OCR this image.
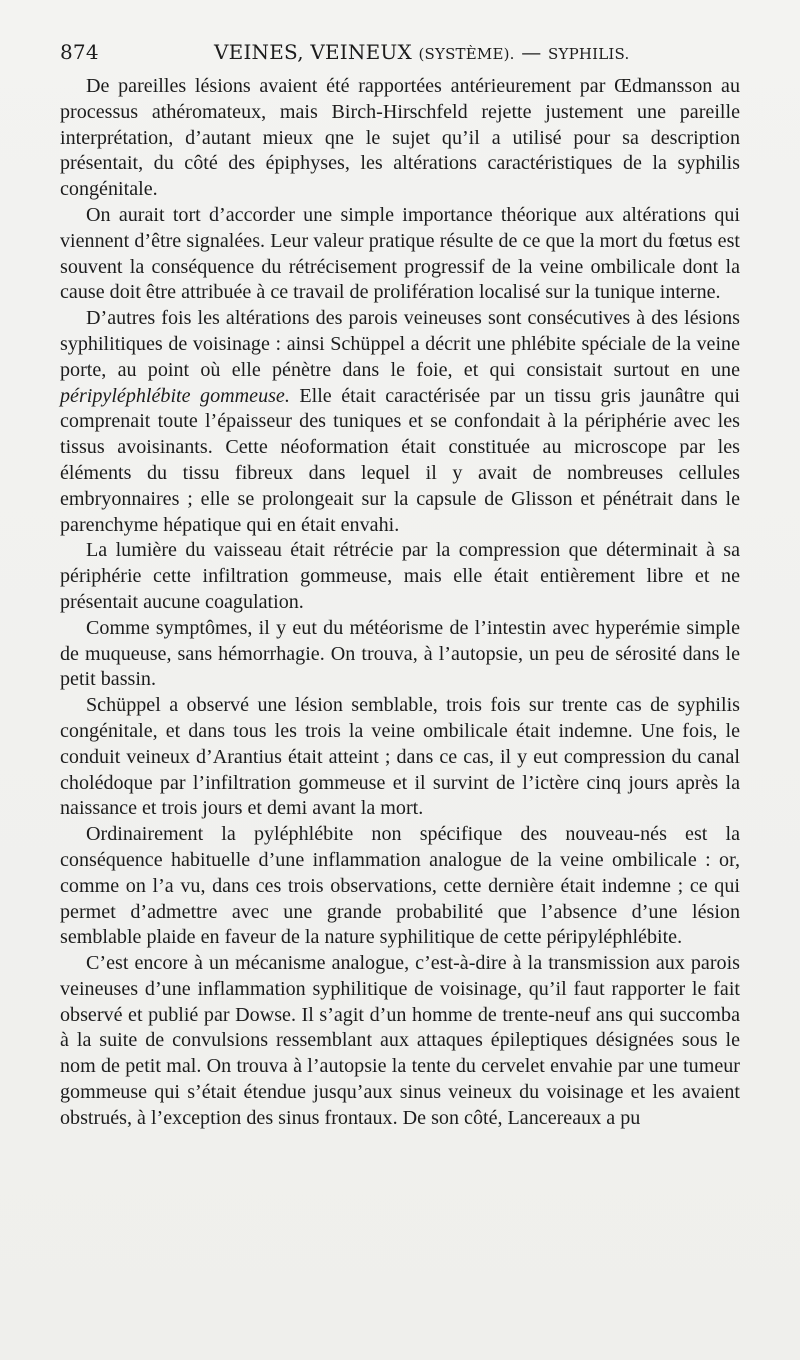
874	VEINES, VEINEUX (SYSTÈME). — SYPHILIS.

De pareilles lésions avaient été rapportées antérieurement par Œdmansson au processus athéromateux, mais Birch-Hirschfeld rejette justement une pareille interprétation, d’autant mieux qne le sujet qu’il a utilisé pour sa description présentait, du côté des épiphyses, les altérations caractéristiques de la syphilis congénitale.

On aurait tort d’accorder une simple importance théorique aux altérations qui viennent d’être signalées. Leur valeur pratique résulte de ce que la mort du fœtus est souvent la conséquence du rétrécisement progressif de la veine ombilicale dont la cause doit être attribuée à ce travail de prolifération localisé sur la tunique interne.

D’autres fois les altérations des parois veineuses sont consécutives à des lésions syphilitiques de voisinage : ainsi Schüppel a décrit une phlébite spéciale de la veine porte, au point où elle pénètre dans le foie, et qui consistait surtout en une péripyléphlébite gommeuse. Elle était caractérisée par un tissu gris jaunâtre qui comprenait toute l’épaisseur des tuniques et se confondait à la périphérie avec les tissus avoisinants. Cette néoformation était constituée au microscope par les éléments du tissu fibreux dans lequel il y avait de nombreuses cellules embryonnaires ; elle se prolongeait sur la capsule de Glisson et pénétrait dans le parenchyme hépatique qui en était envahi.

La lumière du vaisseau était rétrécie par la compression que déterminait à sa périphérie cette infiltration gommeuse, mais elle était entièrement libre et ne présentait aucune coagulation.

Comme symptômes, il y eut du météorisme de l’intestin avec hyperémie simple de muqueuse, sans hémorrhagie. On trouva, à l’autopsie, un peu de sérosité dans le petit bassin.

Schüppel a observé une lésion semblable, trois fois sur trente cas de syphilis congénitale, et dans tous les trois la veine ombilicale était indemne. Une fois, le conduit veineux d’Arantius était atteint ; dans ce cas, il y eut compression du canal cholédoque par l’infiltration gommeuse et il survint de l’ictère cinq jours après la naissance et trois jours et demi avant la mort.

Ordinairement la pyléphlébite non spécifique des nouveau-nés est la conséquence habituelle d’une inflammation analogue de la veine ombilicale : or, comme on l’a vu, dans ces trois observations, cette dernière était indemne ; ce qui permet d’admettre avec une grande probabilité que l’absence d’une lésion semblable plaide en faveur de la nature syphilitique de cette péripyléphlébite.

C’est encore à un mécanisme analogue, c’est-à-dire à la transmission aux parois veineuses d’une inflammation syphilitique de voisinage, qu’il faut rapporter le fait observé et publié par Dowse. Il s’agit d’un homme de trente-neuf ans qui succomba à la suite de convulsions ressemblant aux attaques épileptiques désignées sous le nom de petit mal. On trouva à l’autopsie la tente du cervelet envahie par une tumeur gommeuse qui s’était étendue jusqu’aux sinus veineux du voisinage et les avaient obstrués, à l’exception des sinus frontaux. De son côté, Lancereaux a pu
